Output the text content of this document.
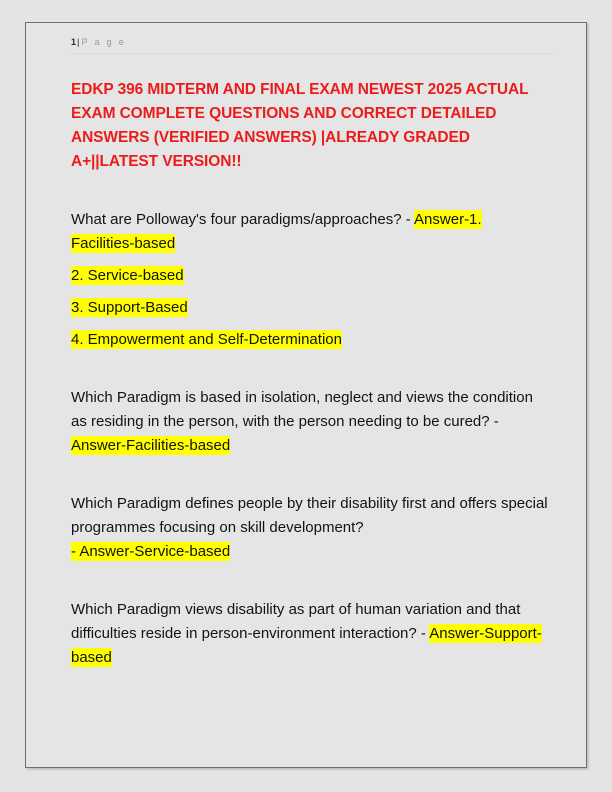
1| P a g e
EDKP 396 MIDTERM AND FINAL EXAM NEWEST 2025 ACTUAL EXAM COMPLETE QUESTIONS AND CORRECT DETAILED ANSWERS (VERIFIED ANSWERS) |ALREADY GRADED A+||LATEST VERSION!!

What are Polloway's four paradigms/approaches? - Answer-1. Facilities-based

2. Service-based

3. Support-Based

4. Empowerment and Self-Determination

Which Paradigm is based in isolation, neglect and views the condition as residing in the person, with the person needing to be cured? - Answer-Facilities-based

Which Paradigm defines people by their disability first and offers special programmes focusing on skill development?
- Answer-Service-based

Which Paradigm views disability as part of human variation and that difficulties reside in person-environment interaction? - Answer-Support-based
